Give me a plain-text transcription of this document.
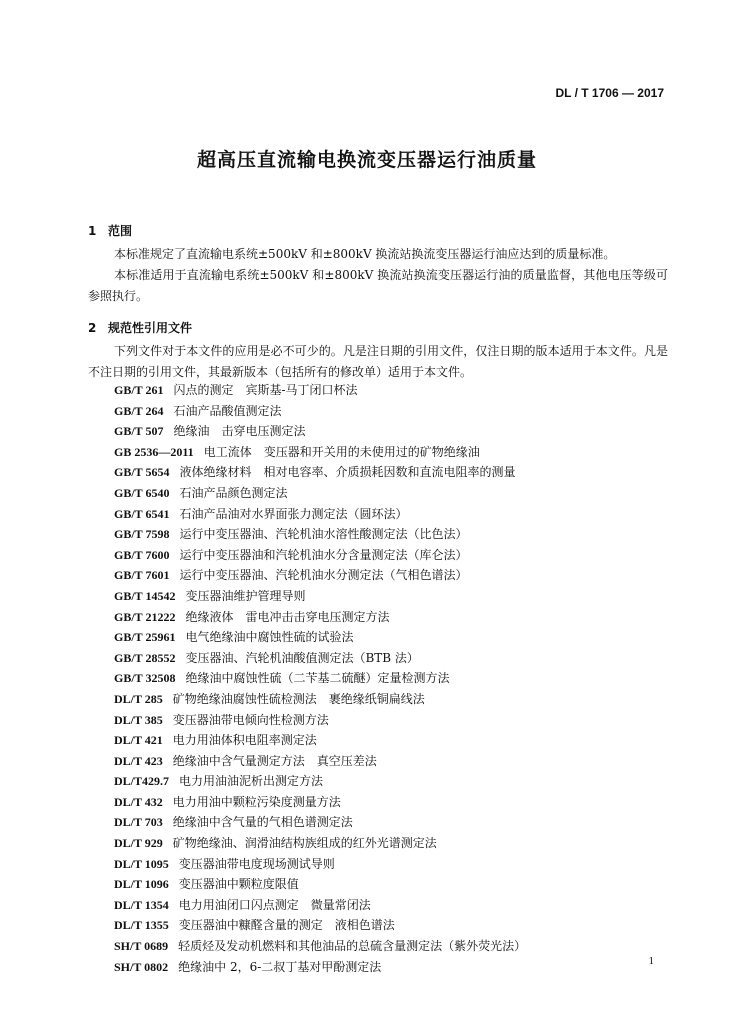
DL / T 1706 — 2017
超高压直流输电换流变压器运行油质量
1 范围
本标准规定了直流输电系统±500kV 和±800kV 换流站换流变压器运行油应达到的质量标准。
本标准适用于直流输电系统±500kV 和±800kV 换流站换流变压器运行油的质量监督，其他电压等级可参照执行。
2 规范性引用文件
下列文件对于本文件的应用是必不可少的。凡是注日期的引用文件，仅注日期的版本适用于本文件。凡是不注日期的引用文件，其最新版本（包括所有的修改单）适用于本文件。
GB/T 261 闪点的测定　宾斯基-马丁闭口杯法
GB/T 264 石油产品酸值测定法
GB/T 507 绝缘油　击穿电压测定法
GB 2536—2011 电工流体　变压器和开关用的未使用过的矿物绝缘油
GB/T 5654 液体绝缘材料　相对电容率、介质损耗因数和直流电阻率的测量
GB/T 6540 石油产品颜色测定法
GB/T 6541 石油产品油对水界面张力测定法（圆环法）
GB/T 7598 运行中变压器油、汽轮机油水溶性酸测定法（比色法）
GB/T 7600 运行中变压器油和汽轮机油水分含量测定法（库仑法）
GB/T 7601 运行中变压器油、汽轮机油水分测定法（气相色谱法）
GB/T 14542 变压器油维护管理导则
GB/T 21222 绝缘液体　雷电冲击击穿电压测定方法
GB/T 25961 电气绝缘油中腐蚀性硫的试验法
GB/T 28552 变压器油、汽轮机油酸值测定法（BTB 法）
GB/T 32508 绝缘油中腐蚀性硫（二苄基二硫醚）定量检测方法
DL/T 285 矿物绝缘油腐蚀性硫检测法　裹绝缘纸铜扁线法
DL/T 385 变压器油带电倾向性检测方法
DL/T 421 电力用油体积电阻率测定法
DL/T 423 绝缘油中含气量测定方法　真空压差法
DL/T429.7 电力用油油泥析出测定方法
DL/T 432 电力用油中颗粒污染度测量方法
DL/T 703 绝缘油中含气量的气相色谱测定法
DL/T 929 矿物绝缘油、润滑油结构族组成的红外光谱测定法
DL/T 1095 变压器油带电度现场测试导则
DL/T 1096 变压器油中颗粒度限值
DL/T 1354 电力用油闭口闪点测定　微量常闭法
DL/T 1355 变压器油中糠醛含量的测定　液相色谱法
SH/T 0689 轻质烃及发动机燃料和其他油品的总硫含量测定法（紫外荧光法）
SH/T 0802 绝缘油中 2，6-二叔丁基对甲酚测定法	1
